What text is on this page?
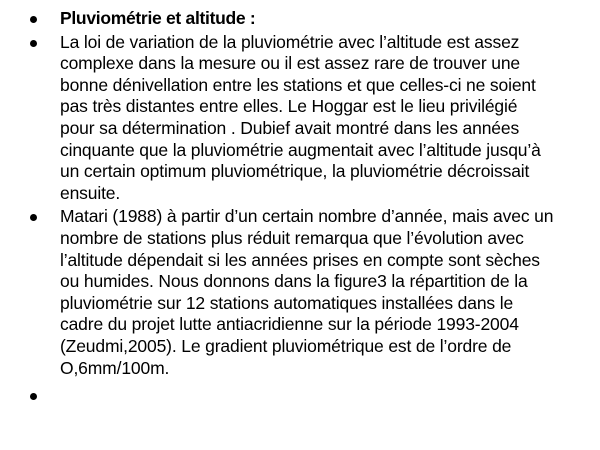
Pluviométrie et altitude :
La loi de variation de la pluviométrie avec l’altitude est assez complexe dans la mesure ou il est assez rare de trouver une bonne dénivellation entre les stations et que celles-ci ne soient pas très distantes entre elles. Le Hoggar est le lieu privilégié pour sa détermination . Dubief avait montré dans les années cinquante que la pluviométrie augmentait avec l’altitude jusqu’à un certain optimum pluviométrique, la pluviométrie décroissait ensuite.
Matari (1988) à partir d’un certain nombre d’année, mais avec un nombre de stations plus réduit remarqua que l’évolution avec l’altitude dépendait si les années prises en compte sont sèches ou humides. Nous donnons dans la figure3 la répartition de la pluviométrie sur 12 stations automatiques installées dans le cadre du projet lutte antiacridienne sur la période 1993-2004 (Zeudmi,2005). Le gradient pluviométrique est de l’ordre de O,6mm/100m.
